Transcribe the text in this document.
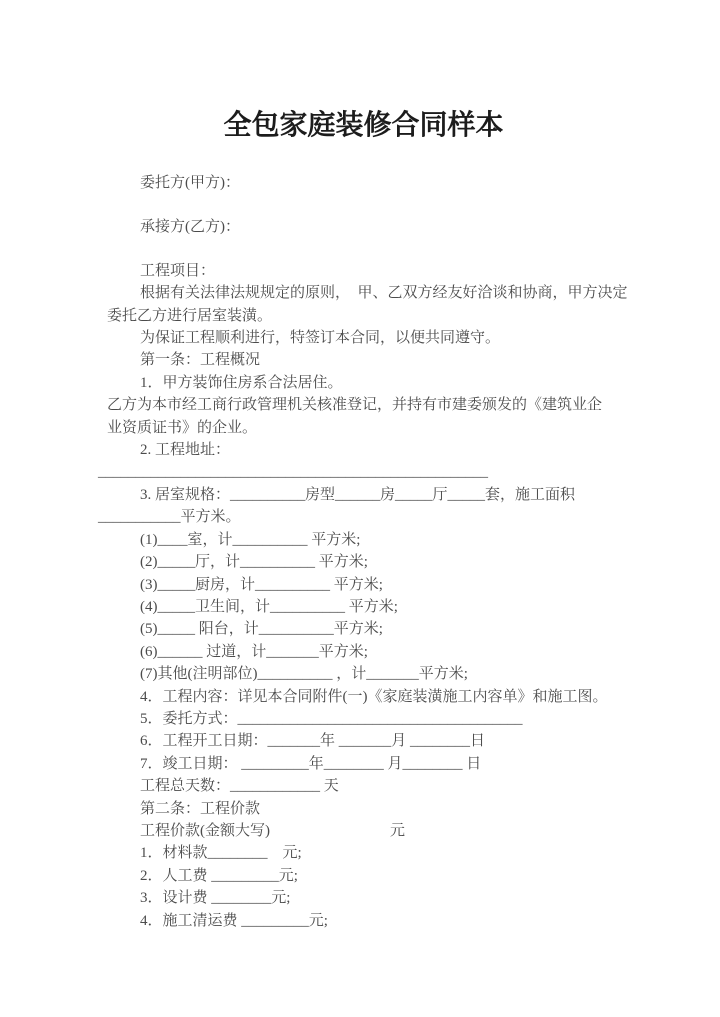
全包家庭装修合同样本
委托方(甲方)：
承接方(乙方)：
工程项目：
根据有关法律法规规定的原则，　甲、乙双方经友好洽谈和协商，甲方决定
委托乙方进行居室装潢。
为保证工程顺利进行，特签订本合同，以便共同遵守。
第一条：工程概况
1．甲方装饰住房系合法居住。
乙方为本市经工商行政管理机关核准登记，并持有市建委颁发的《建筑业企
业资质证书》的企业。
2. 工程地址：
____________________________________________________
3. 居室规格：__________房型______房_____厅_____套，施工面积
___________平方米。
(1)____室，计__________ 平方米;
(2)_____厅，计__________ 平方米;
(3)_____厨房，计__________ 平方米;
(4)_____卫生间，计__________ 平方米;
(5)_____ 阳台，计__________平方米;
(6)______ 过道，计_______平方米;
(7)其他(注明部位)__________ ，计_______平方米;
4．工程内容：详见本合同附件(一)《家庭装潢施工内容单》和施工图。
5．委托方式：______________________________________
6．工程开工日期：_______年 _______月 ________日
7．竣工日期： _________年________ 月________ 日
工程总天数：____________ 天
第二条：工程价款
工程价款(金额大写)　　　　　　　　元
1．材料款________　元;
2．人工费 _________元;
3．设计费 ________元;
4．施工清运费 _________元;
